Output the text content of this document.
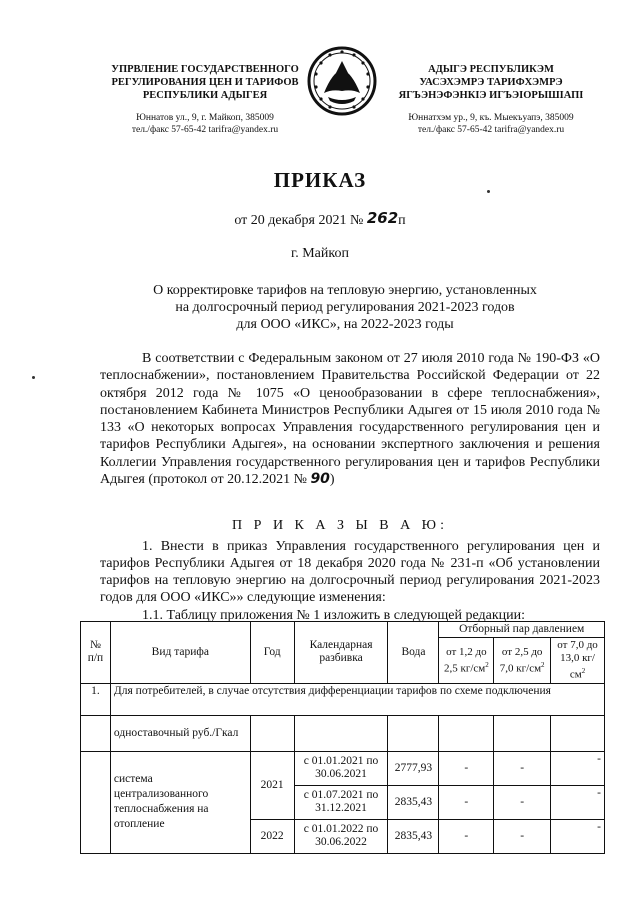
УПРВЛЕНИЕ ГОСУДАРСТВЕННОГО
РЕГУЛИРОВАНИЯ ЦЕН И ТАРИФОВ
РЕСПУБЛИКИ АДЫГЕЯ
Юннатов ул., 9, г. Майкоп, 385009
тел./факс 57-65-42 tarifra@yandex.ru
АДЫГЭ РЕСПУБЛИКЭМ
УАСЭХЭМРЭ ТАРИФХЭМРЭ
ЯГЪЭНЭФЭНКIЭ ИГЪЭIОРЫШIАПI
Юннатхэм ур., 9, къ. Мыекъуапэ, 385009
тел./факс 57-65-42 tarifra@yandex.ru
ПРИКАЗ
от 20 декабря 2021 № 262п
г. Майкоп
О корректировке тарифов на тепловую энергию, установленных
на долгосрочный период регулирования 2021-2023 годов
для ООО «ИКС», на 2022-2023 годы
В соответствии с Федеральным законом от 27 июля 2010 года № 190-ФЗ «О теплоснабжении», постановлением Правительства Российской Федерации от 22 октября 2012 года № 1075 «О ценообразовании в сфере теплоснабжения», постановлением Кабинета Министров Республики Адыгея от 15 июля 2010 года № 133 «О некоторых вопросах Управления государственного регулирования цен и тарифов Республики Адыгея», на основании экспертного заключения и решения Коллегии Управления государственного регулирования цен и тарифов Республики Адыгея (протокол от 20.12.2021 № 90)
П Р И К А З Ы В А Ю:
1. Внести в приказ Управления государственного регулирования цен и тарифов Республики Адыгея от 18 декабря 2020 года № 231-п «Об установлении тарифов на тепловую энергию на долгосрочный период регулирования 2021-2023 годов для ООО «ИКС»» следующие изменения:
1.1. Таблицу приложения № 1 изложить в следующей редакции:
№ п/п	Вид тарифа	Год	Календарная разбивка	Вода	Отборный пар давлением		
					от 1,2 до 2,5 $кг/см^2$	от 2,5 до 7,0 $кг/см^2$	от 7,0 до 13,0 $кг/см^2$
1.	Для потребителей, в случае отсутствия дифференциации тарифов по схеме подключения						
	одноставочный руб./Гкал						
	система централизованного теплоснабжения на отопление	2021	с 01.01.2021 по 30.06.2021	2777,93	-	-	-
			с 01.07.2021 по 31.12.2021	2835,43	-	-	-
		2022	с 01.01.2022 по 30.06.2022	2835,43	-	-	-
